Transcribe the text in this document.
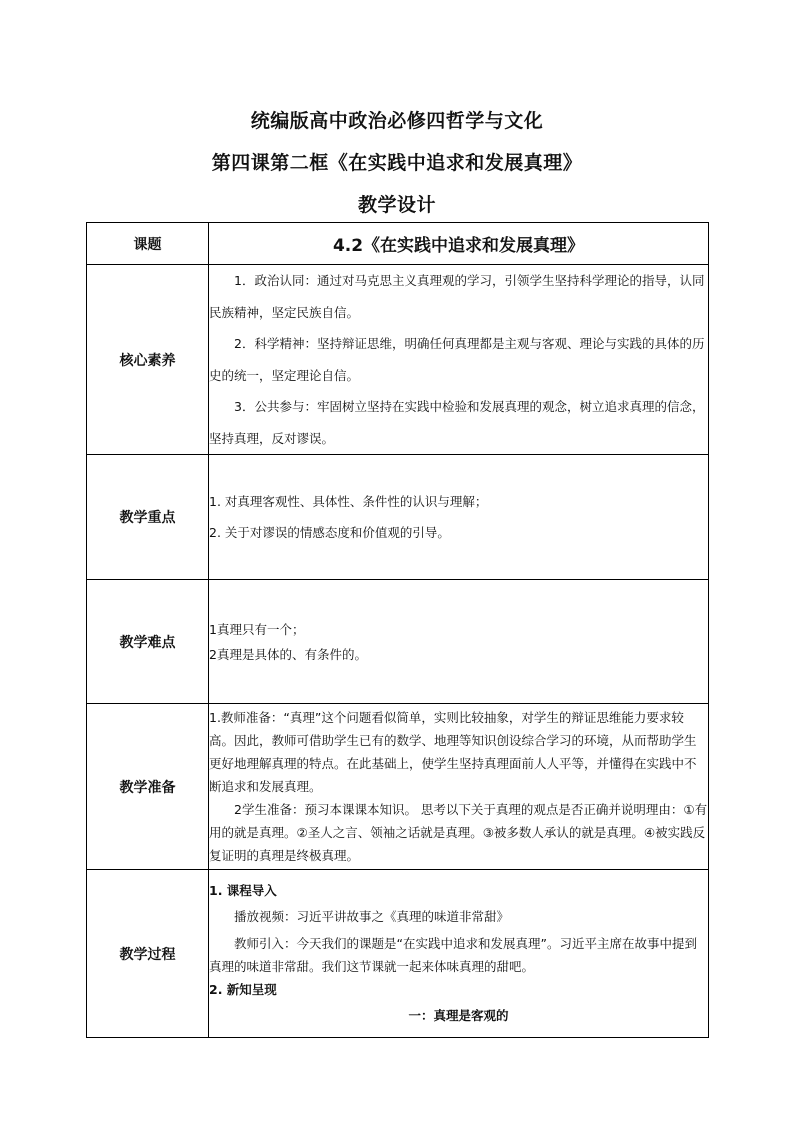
统编版高中政治必修四哲学与文化
第四课第二框《在实践中追求和发展真理》
教学设计
课题	4.2《在实践中追求和发展真理》
核心素养	1．政治认同：通过对马克思主义真理观的学习，引领学生坚持科学理论的指导，认同民族精神，坚定民族自信。

2．科学精神：坚持辩证思维，明确任何真理都是主观与客观、理论与实践的具体的历史的统一，坚定理论自信。

3．公共参与：牢固树立坚持在实践中检验和发展真理的观念，树立追求真理的信念，坚持真理，反对谬误。

教学重点	1. 对真理客观性、具体性、条件性的认识与理解；

2. 关于对谬误的情感态度和价值观的引导。

教学难点	1真理只有一个；

2真理是具体的、有条件的。

教学准备	1.教师准备：“真理”这个问题看似简单，实则比较抽象，对学生的辩证思维能力要求较高。因此，教师可借助学生已有的数学、地理等知识创设综合学习的环境，从而帮助学生更好地理解真理的特点。在此基础上，使学生坚持真理面前人人平等，并懂得在实践中不断追求和发展真理。

2学生准备：预习本课课本知识。 思考以下关于真理的观点是否正确并说明理由：①有用的就是真理。②圣人之言、领袖之话就是真理。③被多数人承认的就是真理。④被实践反复证明的真理是终极真理。

教学过程	1. 课程导入

播放视频：习近平讲故事之《真理的味道非常甜》

教师引入：今天我们的课题是“在实践中追求和发展真理”。习近平主席在故事中提到真理的味道非常甜。我们这节课就一起来体味真理的甜吧。

2. 新知呈现

一：真理是客观的
